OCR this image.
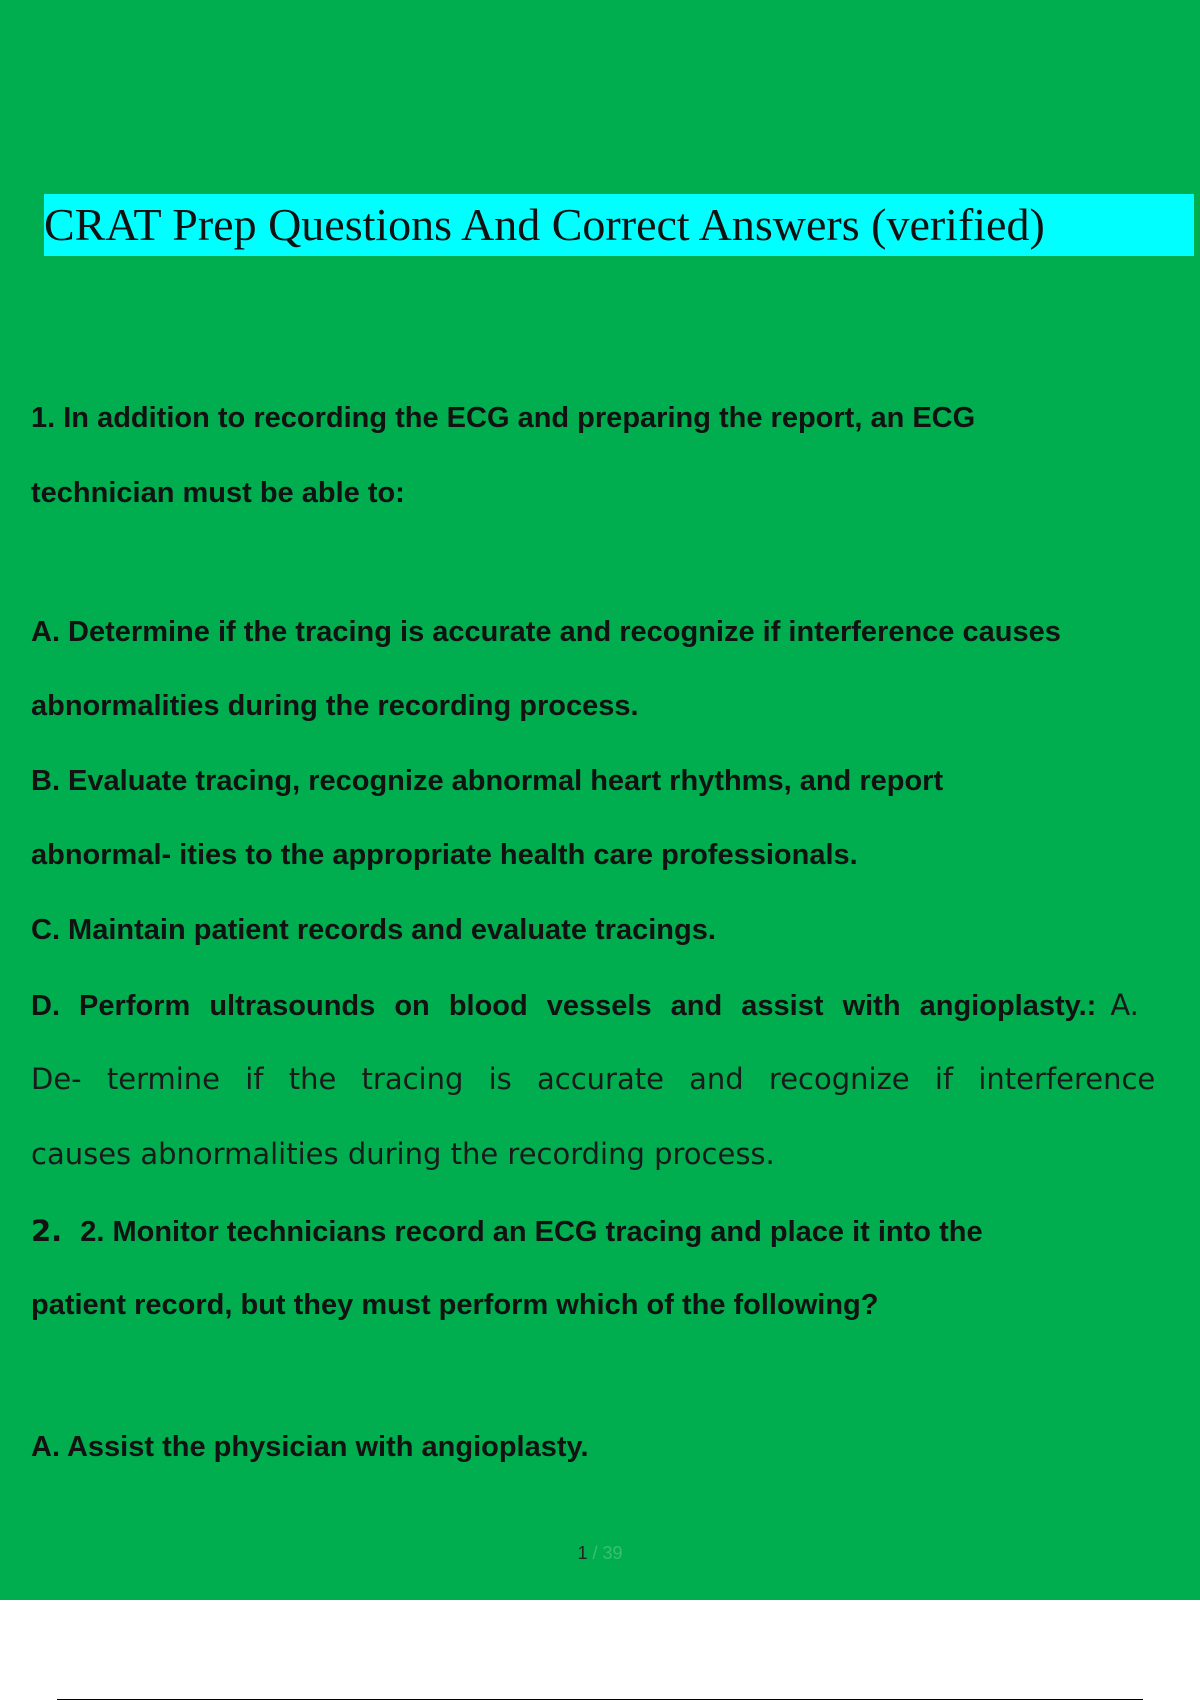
CRAT Prep Questions And Correct Answers (verified)
1. In addition to recording the ECG and preparing the report, an ECG
technician must be able to:
A. Determine if the tracing is accurate and recognize if interference causes
abnormalities during the recording process.
B. Evaluate tracing, recognize abnormal heart rhythms, and report
abnormal- ities to the appropriate health care professionals.
C. Maintain patient records and evaluate tracings.
D. Perform ultrasounds on blood vessels and assist with angioplasty.: A.
De- termine if the tracing is accurate and recognize if interference
causes abnormalities during the recording process.
2. 2. Monitor technicians record an ECG tracing and place it into the
patient record, but they must perform which of the following?
A. Assist the physician with angioplasty.
1 / 39
